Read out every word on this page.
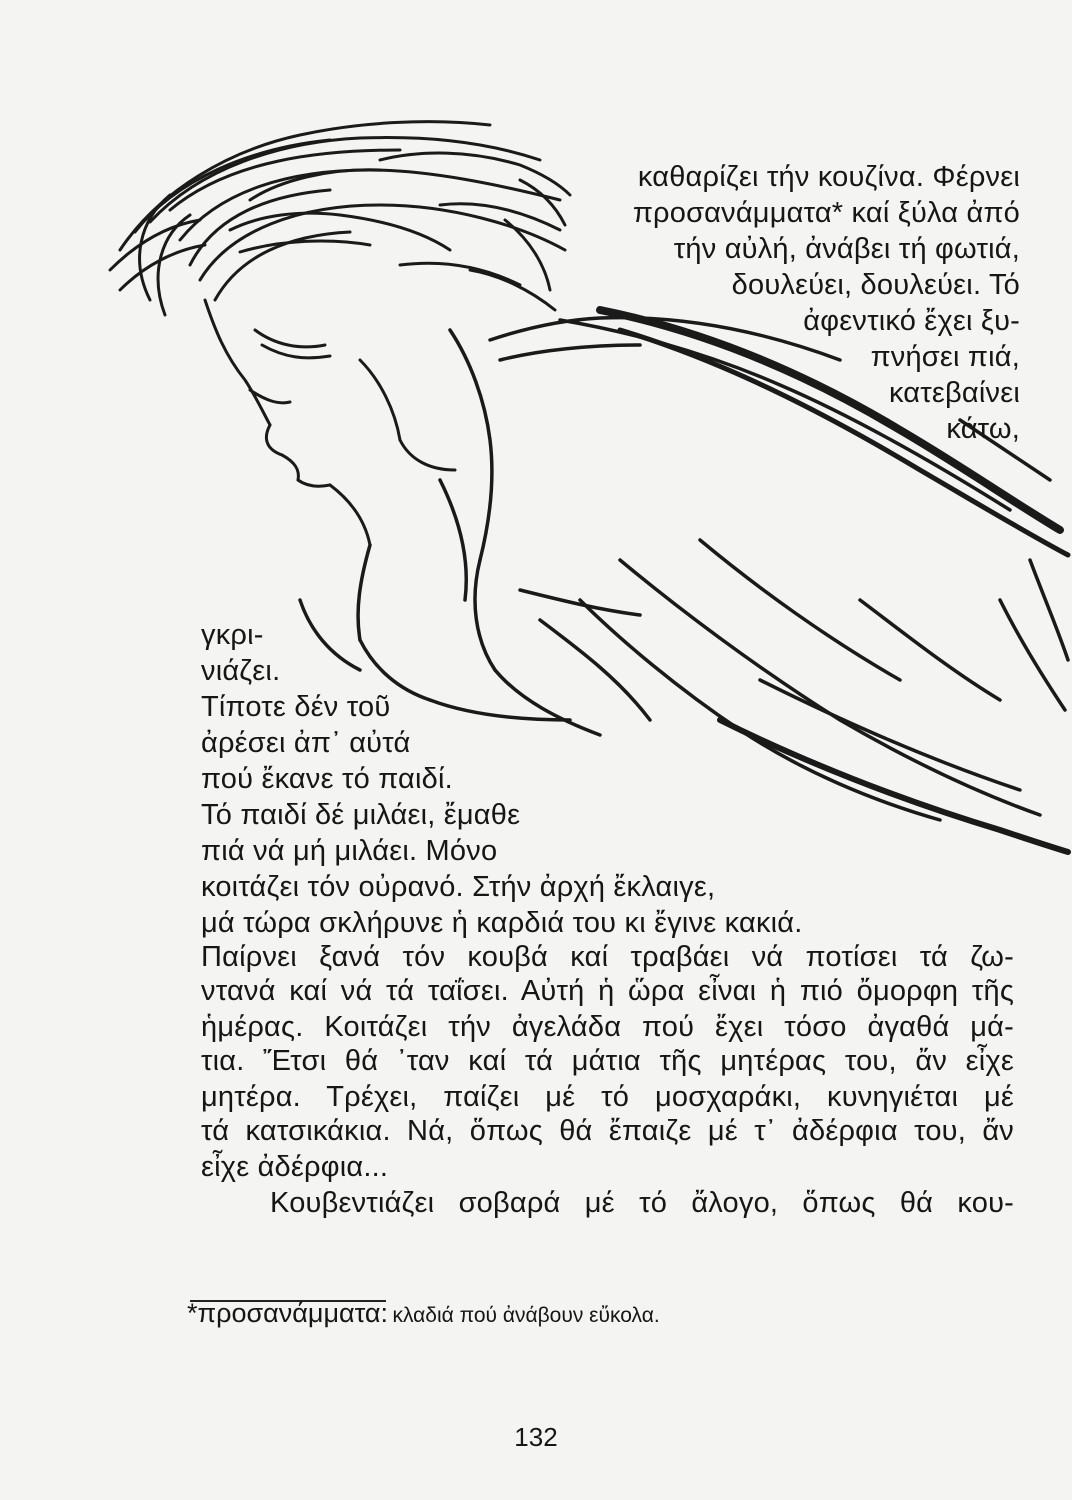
καθαρίζει τήν κουζίνα. Φέρνει
προσανάμματα* καί ξύλα ἀπό
τήν αὐλή, ἀνάβει τή φωτιά,
δουλεύει, δουλεύει. Τό
ἀφεντικό ἔχει ξυ-
πνήσει πιά,
κατεβαίνει
κάτω,
γκρι-
νιάζει.
Τίποτε δέν τοῦ
ἀρέσει ἀπ᾽ αὐτά
πού ἔκανε τό παιδί.
Τό παιδί δέ μιλάει, ἔμαθε
πιά νά μή μιλάει. Μόνο
κοιτάζει τόν οὐρανό. Στήν ἀρχή ἔκλαιγε,
μά τώρα σκλήρυνε ἡ καρδιά του κι ἔγινε κακιά.
Παίρνει ξανά τόν κουβά καί τραβάει νά ποτίσει τά ζω-
ντανά καί νά τά ταΐσει. Αὐτή ἡ ὥρα εἶναι ἡ πιό ὄμορφη τῆς
ἡμέρας. Κοιτάζει τήν ἀγελάδα πού ἔχει τόσο ἀγαθά μά-
τια. Ἔτσι θά ᾽ταν καί τά μάτια τῆς μητέρας του, ἄν εἶχε
μητέρα. Τρέχει, παίζει μέ τό μοσχαράκι, κυνηγιέται μέ
τά κατσικάκια. Νά, ὅπως θά ἔπαιζε μέ τ᾽ ἀδέρφια του, ἄν
εἶχε ἀδέρφια...
Κουβεντιάζει σοβαρά μέ τό ἄλογο, ὅπως θά κου-
*προσανάμματα: κλαδιά πού ἀνάβουν εὔκολα.
132
